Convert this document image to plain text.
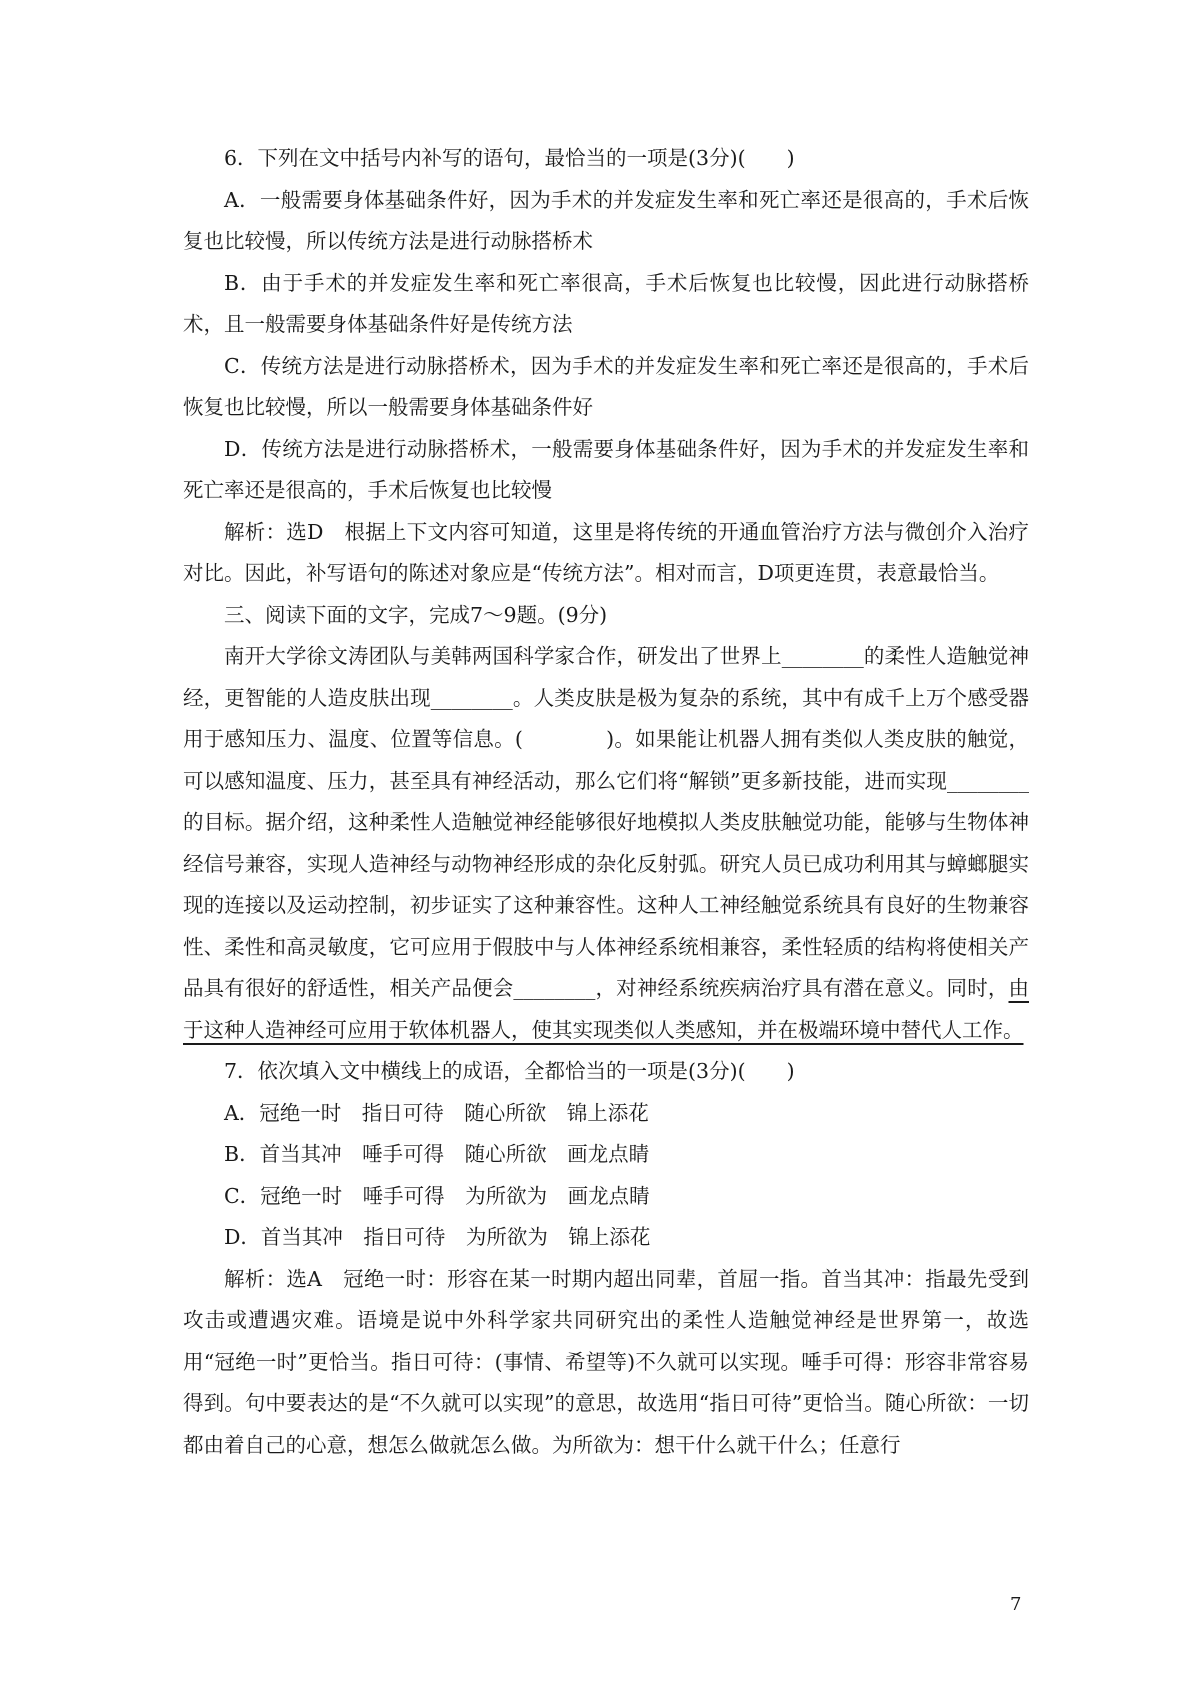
6．下列在文中括号内补写的语句，最恰当的一项是(3分)(　　)

A．一般需要身体基础条件好，因为手术的并发症发生率和死亡率还是很高的，手术后恢复也比较慢，所以传统方法是进行动脉搭桥术

B．由于手术的并发症发生率和死亡率很高，手术后恢复也比较慢，因此进行动脉搭桥术，且一般需要身体基础条件好是传统方法

C．传统方法是进行动脉搭桥术，因为手术的并发症发生率和死亡率还是很高的，手术后恢复也比较慢，所以一般需要身体基础条件好

D．传统方法是进行动脉搭桥术，一般需要身体基础条件好，因为手术的并发症发生率和死亡率还是很高的，手术后恢复也比较慢

解析：选D　根据上下文内容可知道，这里是将传统的开通血管治疗方法与微创介入治疗对比。因此，补写语句的陈述对象应是“传统方法”。相对而言，D项更连贯，表意最恰当。

三、阅读下面的文字，完成7～9题。(9分)

南开大学徐文涛团队与美韩两国科学家合作，研发出了世界上________的柔性人造触觉神经，更智能的人造皮肤出现________。人类皮肤是极为复杂的系统，其中有成千上万个感受器用于感知压力、温度、位置等信息。(　　　　)。如果能让机器人拥有类似人类皮肤的触觉，可以感知温度、压力，甚至具有神经活动，那么它们将“解锁”更多新技能，进而实现________的目标。据介绍，这种柔性人造触觉神经能够很好地模拟人类皮肤触觉功能，能够与生物体神经信号兼容，实现人造神经与动物神经形成的杂化反射弧。研究人员已成功利用其与蟑螂腿实现的连接以及运动控制，初步证实了这种兼容性。这种人工神经触觉系统具有良好的生物兼容性、柔性和高灵敏度，它可应用于假肢中与人体神经系统相兼容，柔性轻质的结构将使相关产品具有很好的舒适性，相关产品便会________，对神经系统疾病治疗具有潜在意义。同时，由于这种人造神经可应用于软体机器人，使其实现类似人类感知，并在极端环境中替代人工作。

7．依次填入文中横线上的成语，全都恰当的一项是(3分)(　　)

A．冠绝一时　指日可待　随心所欲　锦上添花

B．首当其冲　唾手可得　随心所欲　画龙点睛

C．冠绝一时　唾手可得　为所欲为　画龙点睛

D．首当其冲　指日可待　为所欲为　锦上添花

解析：选A　冠绝一时：形容在某一时期内超出同辈，首屈一指。首当其冲：指最先受到攻击或遭遇灾难。语境是说中外科学家共同研究出的柔性人造触觉神经是世界第一，故选用“冠绝一时”更恰当。指日可待：(事情、希望等)不久就可以实现。唾手可得：形容非常容易得到。句中要表达的是“不久就可以实现”的意思，故选用“指日可待”更恰当。随心所欲：一切都由着自己的心意，想怎么做就怎么做。为所欲为：想干什么就干什么；任意行

7
